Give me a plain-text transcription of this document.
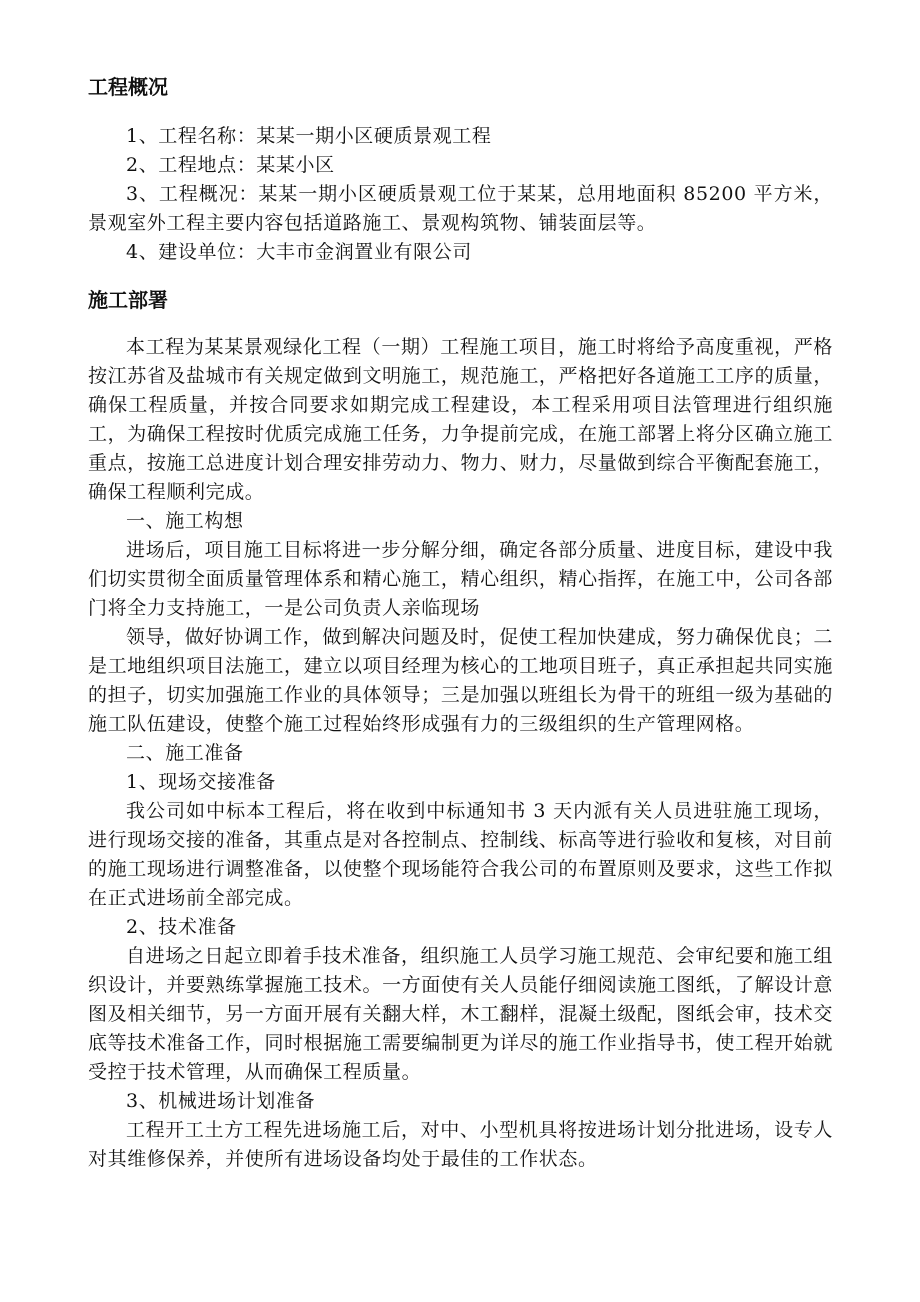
工程概况

1、工程名称：某某一期小区硬质景观工程

2、工程地点：某某小区

3、工程概况：某某一期小区硬质景观工位于某某，总用地面积 85200 平方米，景观室外工程主要内容包括道路施工、景观构筑物、铺装面层等。

4、建设单位：大丰市金润置业有限公司

施工部署

本工程为某某景观绿化工程（一期）工程施工项目，施工时将给予高度重视，严格按江苏省及盐城市有关规定做到文明施工，规范施工，严格把好各道施工工序的质量，确保工程质量，并按合同要求如期完成工程建设，本工程采用项目法管理进行组织施工，为确保工程按时优质完成施工任务，力争提前完成，在施工部署上将分区确立施工重点，按施工总进度计划合理安排劳动力、物力、财力，尽量做到综合平衡配套施工，确保工程顺利完成。

一、施工构想

进场后，项目施工目标将进一步分解分细，确定各部分质量、进度目标，建设中我们切实贯彻全面质量管理体系和精心施工，精心组织，精心指挥，在施工中，公司各部门将全力支持施工，一是公司负责人亲临现场

领导，做好协调工作，做到解决问题及时，促使工程加快建成，努力确保优良；二是工地组织项目法施工，建立以项目经理为核心的工地项目班子，真正承担起共同实施的担子，切实加强施工作业的具体领导；三是加强以班组长为骨干的班组一级为基础的施工队伍建设，使整个施工过程始终形成强有力的三级组织的生产管理网格。

二、施工准备

1、现场交接准备

我公司如中标本工程后，将在收到中标通知书 3 天内派有关人员进驻施工现场，进行现场交接的准备，其重点是对各控制点、控制线、标高等进行验收和复核，对目前的施工现场进行调整准备，以使整个现场能符合我公司的布置原则及要求，这些工作拟在正式进场前全部完成。

2、技术准备

自进场之日起立即着手技术准备，组织施工人员学习施工规范、会审纪要和施工组织设计，并要熟练掌握施工技术。一方面使有关人员能仔细阅读施工图纸，了解设计意图及相关细节，另一方面开展有关翻大样，木工翻样，混凝土级配，图纸会审，技术交底等技术准备工作，同时根据施工需要编制更为详尽的施工作业指导书，使工程开始就受控于技术管理，从而确保工程质量。

3、机械进场计划准备

工程开工土方工程先进场施工后，对中、小型机具将按进场计划分批进场，设专人对其维修保养，并使所有进场设备均处于最佳的工作状态。
